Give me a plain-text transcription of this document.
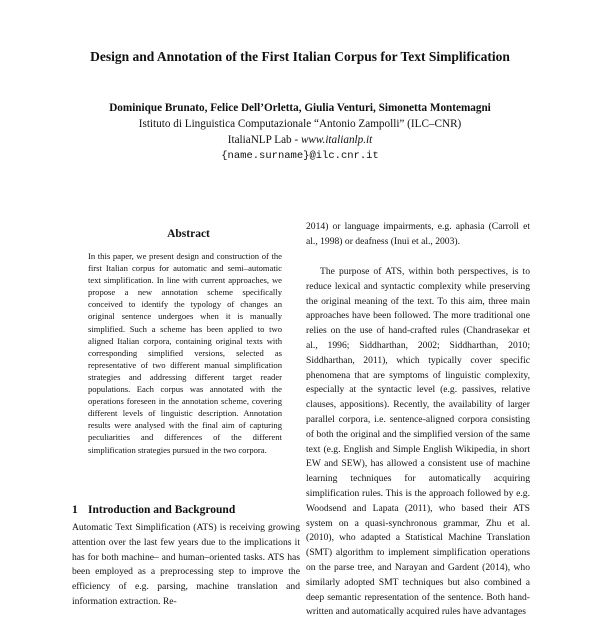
Design and Annotation of the First Italian Corpus for Text Simplification
Dominique Brunato, Felice Dell’Orletta, Giulia Venturi, Simonetta Montemagni
Istituto di Linguistica Computazionale “Antonio Zampolli” (ILC–CNR)
ItaliaNLP Lab - www.italianlp.it
{name.surname}@ilc.cnr.it
Abstract

In this paper, we present design and construction of the first Italian corpus for automatic and semi–automatic text simplification. In line with current approaches, we propose a new annotation scheme specifically conceived to identify the typology of changes an original sentence undergoes when it is manually simplified. Such a scheme has been applied to two aligned Italian corpora, containing original texts with corresponding simplified versions, selected as representative of two different manual simplification strategies and addressing different target reader populations. Each corpus was annotated with the operations foreseen in the annotation scheme, covering different levels of linguistic description. Annotation results were analysed with the final aim of capturing peculiarities and differences of the different simplification strategies pursued in the two corpora.

1 Introduction and Background

Automatic Text Simplification (ATS) is receiving growing attention over the last few years due to the implications it has for both machine– and human–oriented tasks. ATS has been employed as a preprocessing step to improve the efficiency of e.g. parsing, machine translation and information extraction. Re-

2014) or language impairments, e.g. aphasia (Carroll et al., 1998) or deafness (Inui et al., 2003).

The purpose of ATS, within both perspectives, is to reduce lexical and syntactic complexity while preserving the original meaning of the text. To this aim, three main approaches have been followed. The more traditional one relies on the use of hand-crafted rules (Chandrasekar et al., 1996; Siddharthan, 2002; Siddharthan, 2010; Siddharthan, 2011), which typically cover specific phenomena that are symptoms of linguistic complexity, especially at the syntactic level (e.g. passives, relative clauses, appositions). Recently, the availability of larger parallel corpora, i.e. sentence-aligned corpora consisting of both the original and the simplified version of the same text (e.g. English and Simple English Wikipedia, in short EW and SEW), has allowed a consistent use of machine learning techniques for automatically acquiring simplification rules. This is the approach followed by e.g. Woodsend and Lapata (2011), who based their ATS system on a quasi-synchronous grammar, Zhu et al. (2010), who adapted a Statistical Machine Translation (SMT) algorithm to implement simplification operations on the parse tree, and Narayan and Gardent (2014), who similarly adopted SMT techniques but also combined a deep semantic representation of the sentence. Both hand-written and automatically acquired rules have advantages
